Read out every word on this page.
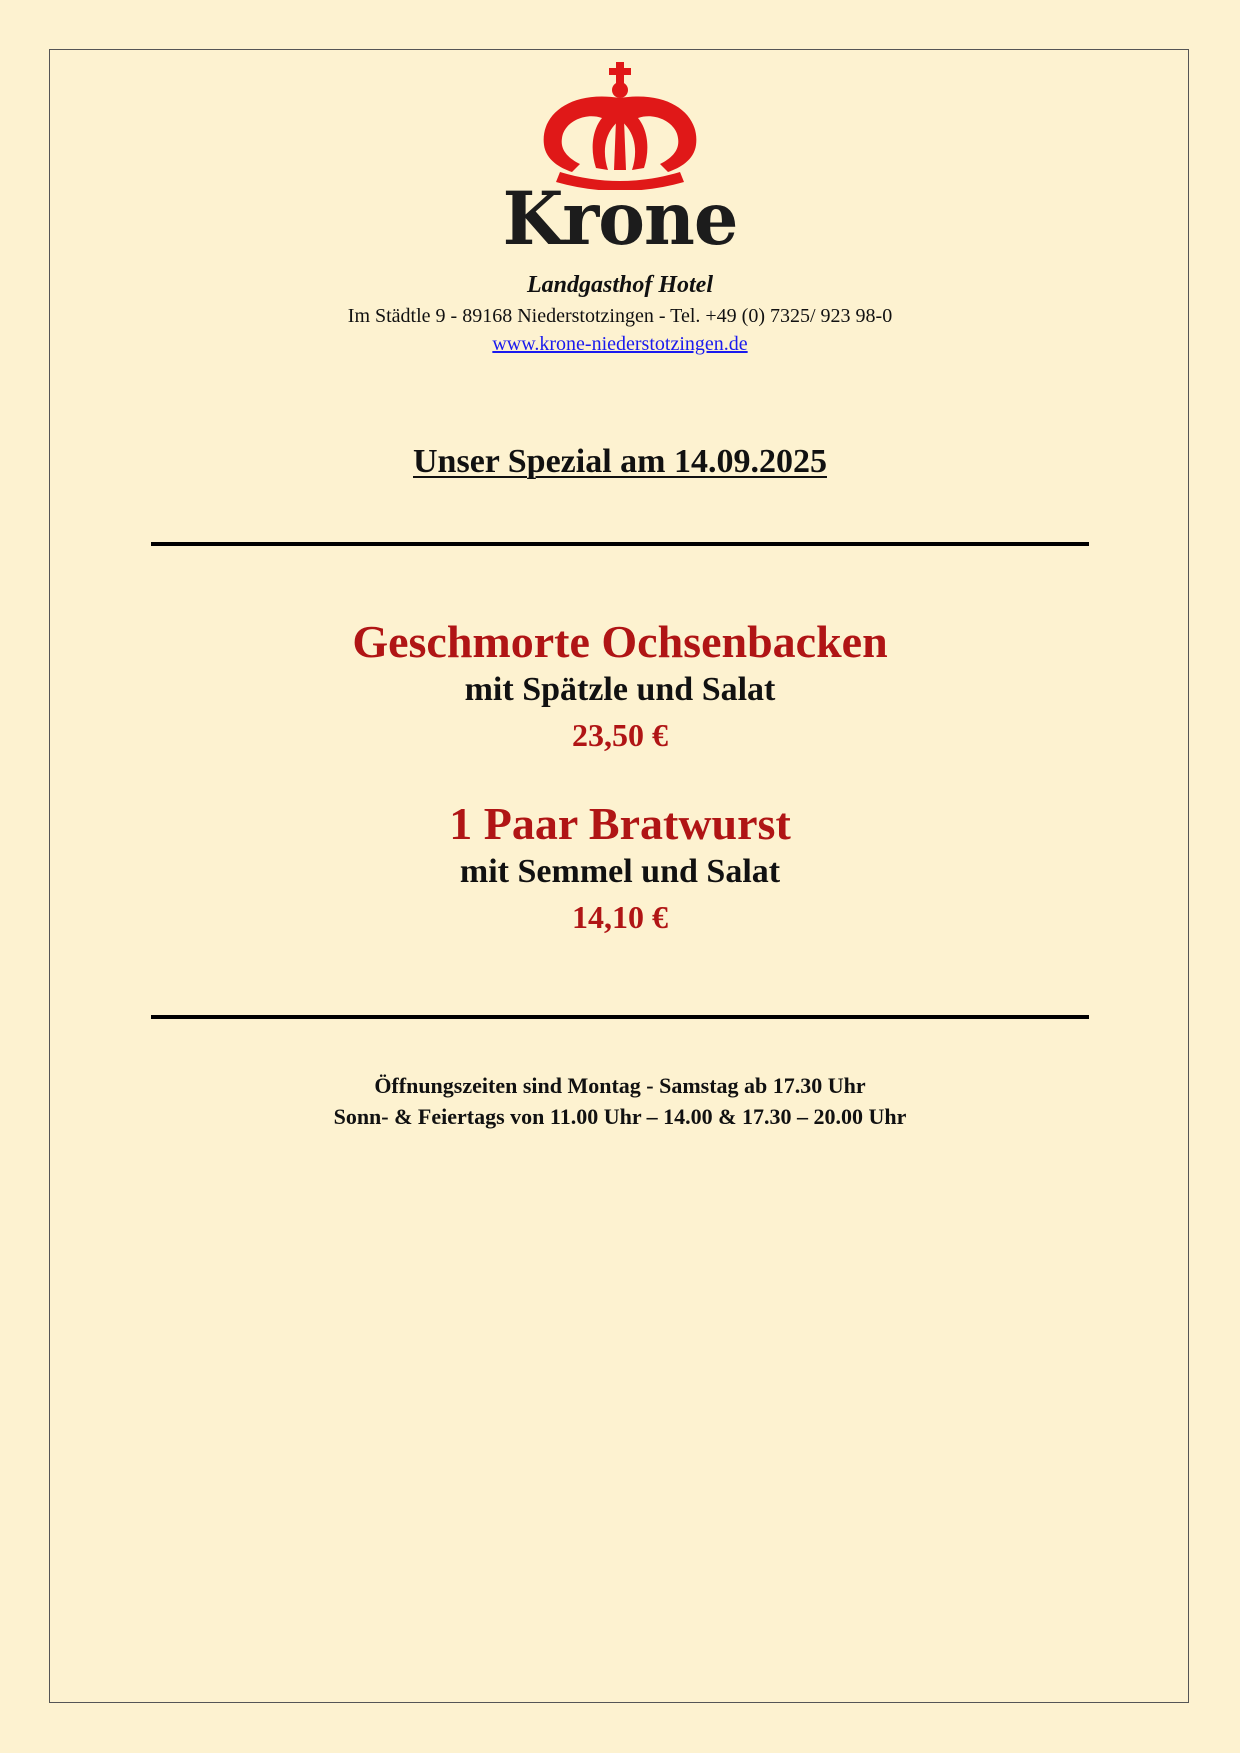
Krone
Landgasthof Hotel
Im Städtle 9 - 89168 Niederstotzingen - Tel. +49 (0) 7325/ 923 98-0
www.krone-niederstotzingen.de
Unser Spezial am 14.09.2025
Geschmorte Ochsenbacken
mit Spätzle und Salat
23,50 €
1 Paar Bratwurst
mit Semmel und Salat
14,10 €
Öffnungszeiten sind Montag - Samstag ab 17.30 Uhr
Sonn- & Feiertags von 11.00 Uhr – 14.00 & 17.30 – 20.00 Uhr
